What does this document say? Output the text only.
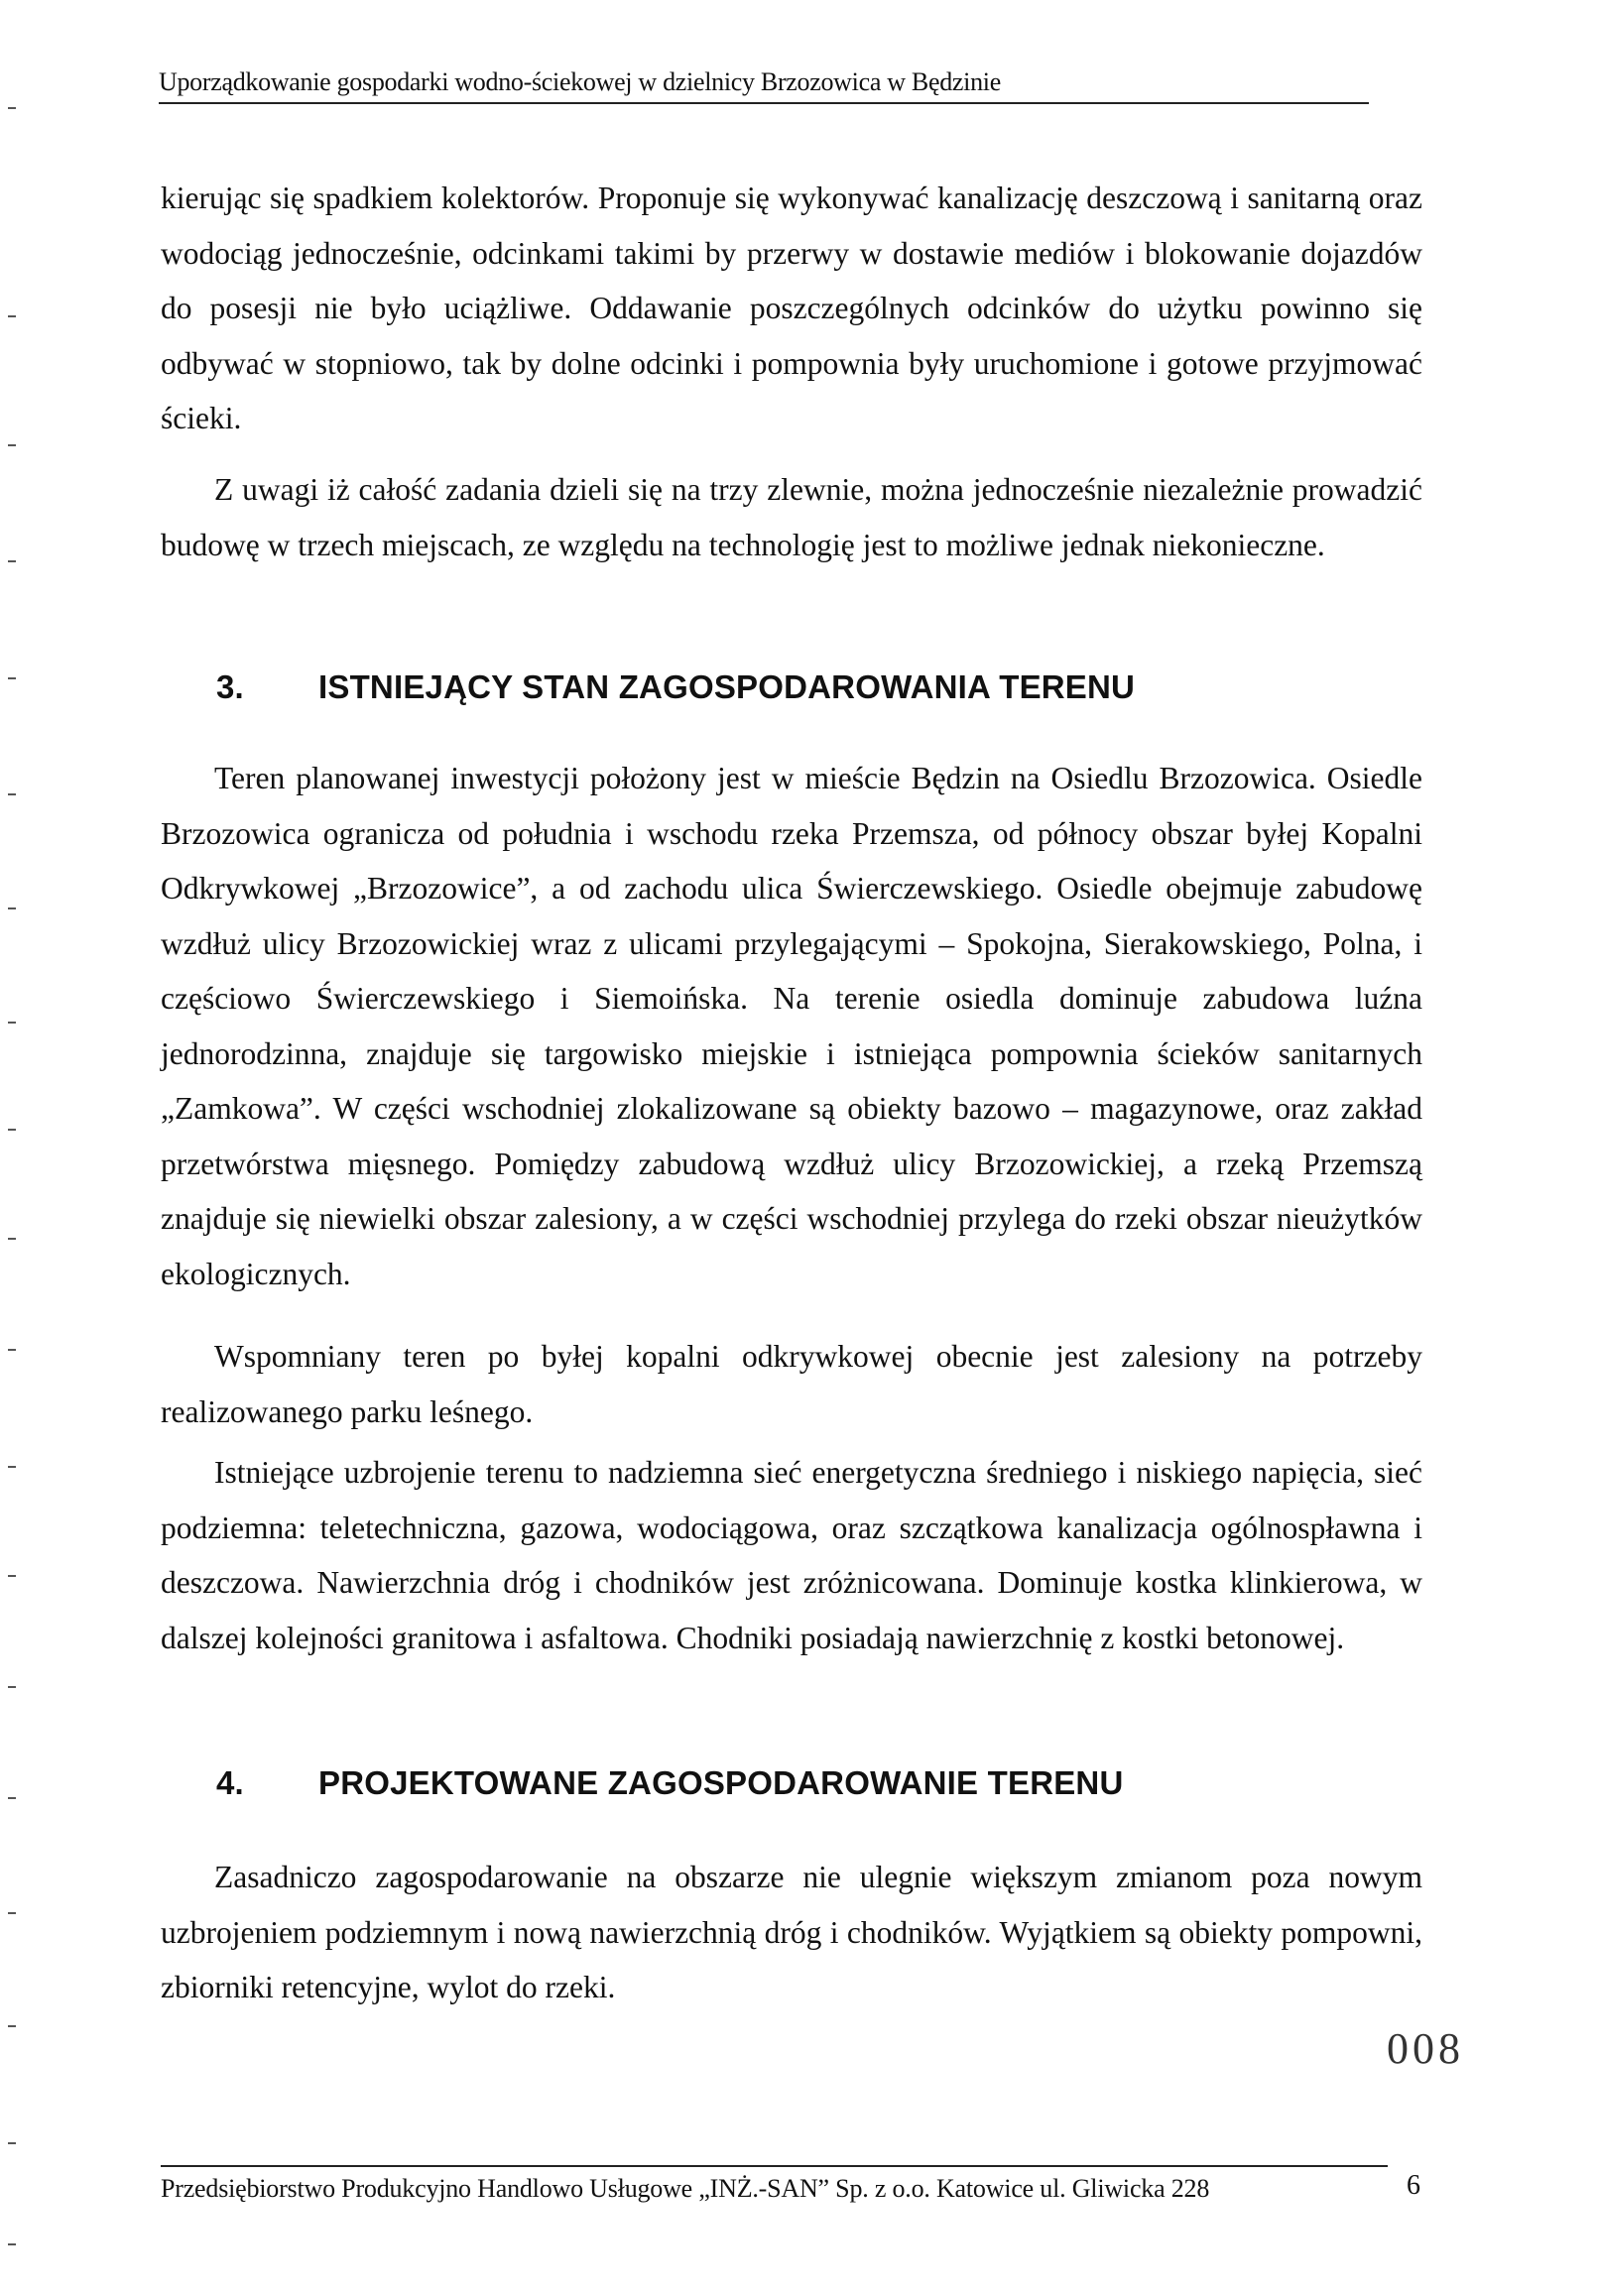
Uporządkowanie gospodarki wodno-ściekowej w dzielnicy Brzozowica w Będzinie

kierując się spadkiem kolektorów. Proponuje się wykonywać kanalizację deszczową i sanitarną oraz wodociąg jednocześnie, odcinkami takimi by przerwy w dostawie mediów i blokowanie dojazdów do posesji nie było uciążliwe. Oddawanie poszczególnych odcinków do użytku powinno się odbywać w stopniowo, tak by dolne odcinki i pompownia były uruchomione i gotowe przyjmować ścieki.

Z uwagi iż całość zadania dzieli się na trzy zlewnie, można jednocześnie niezależnie prowadzić budowę w trzech miejscach, ze względu na technologię jest to możliwe jednak niekonieczne.

3. ISTNIEJĄCY STAN ZAGOSPODAROWANIA TERENU

Teren planowanej inwestycji położony jest w mieście Będzin na Osiedlu Brzozowica. Osiedle Brzozowica ogranicza od południa i wschodu rzeka Przemsza, od północy obszar byłej Kopalni Odkrywkowej „Brzozowice”, a od zachodu ulica Świerczewskiego. Osiedle obejmuje zabudowę wzdłuż ulicy Brzozowickiej wraz z ulicami przylegającymi – Spokojna, Sierakowskiego, Polna, i częściowo Świerczewskiego i Siemoińska. Na terenie osiedla dominuje zabudowa luźna jednorodzinna, znajduje się targowisko miejskie i istniejąca pompownia ścieków sanitarnych „Zamkowa”. W części wschodniej zlokalizowane są obiekty bazowo – magazynowe, oraz zakład przetwórstwa mięsnego. Pomiędzy zabudową wzdłuż ulicy Brzozowickiej, a rzeką Przemszą znajduje się niewielki obszar zalesiony, a w części wschodniej przylega do rzeki obszar nieużytków ekologicznych.

Wspomniany teren po byłej kopalni odkrywkowej obecnie jest zalesiony na potrzeby realizowanego parku leśnego.

Istniejące uzbrojenie terenu to nadziemna sieć energetyczna średniego i niskiego napięcia, sieć podziemna: teletechniczna, gazowa, wodociągowa, oraz szczątkowa kanalizacja ogólnospławna i deszczowa. Nawierzchnia dróg i chodników jest zróżnicowana. Dominuje kostka klinkierowa, w dalszej kolejności granitowa i asfaltowa. Chodniki posiadają nawierzchnię z kostki betonowej.

4. PROJEKTOWANE ZAGOSPODAROWANIE TERENU

Zasadniczo zagospodarowanie na obszarze nie ulegnie większym zmianom poza nowym uzbrojeniem podziemnym i nową nawierzchnią dróg i chodników. Wyjątkiem są obiekty pompowni, zbiorniki retencyjne, wylot do rzeki.

008
Przedsiębiorstwo Produkcyjno Handlowo Usługowe „INŻ.-SAN” Sp. z o.o. Katowice ul. Gliwicka 228	6
